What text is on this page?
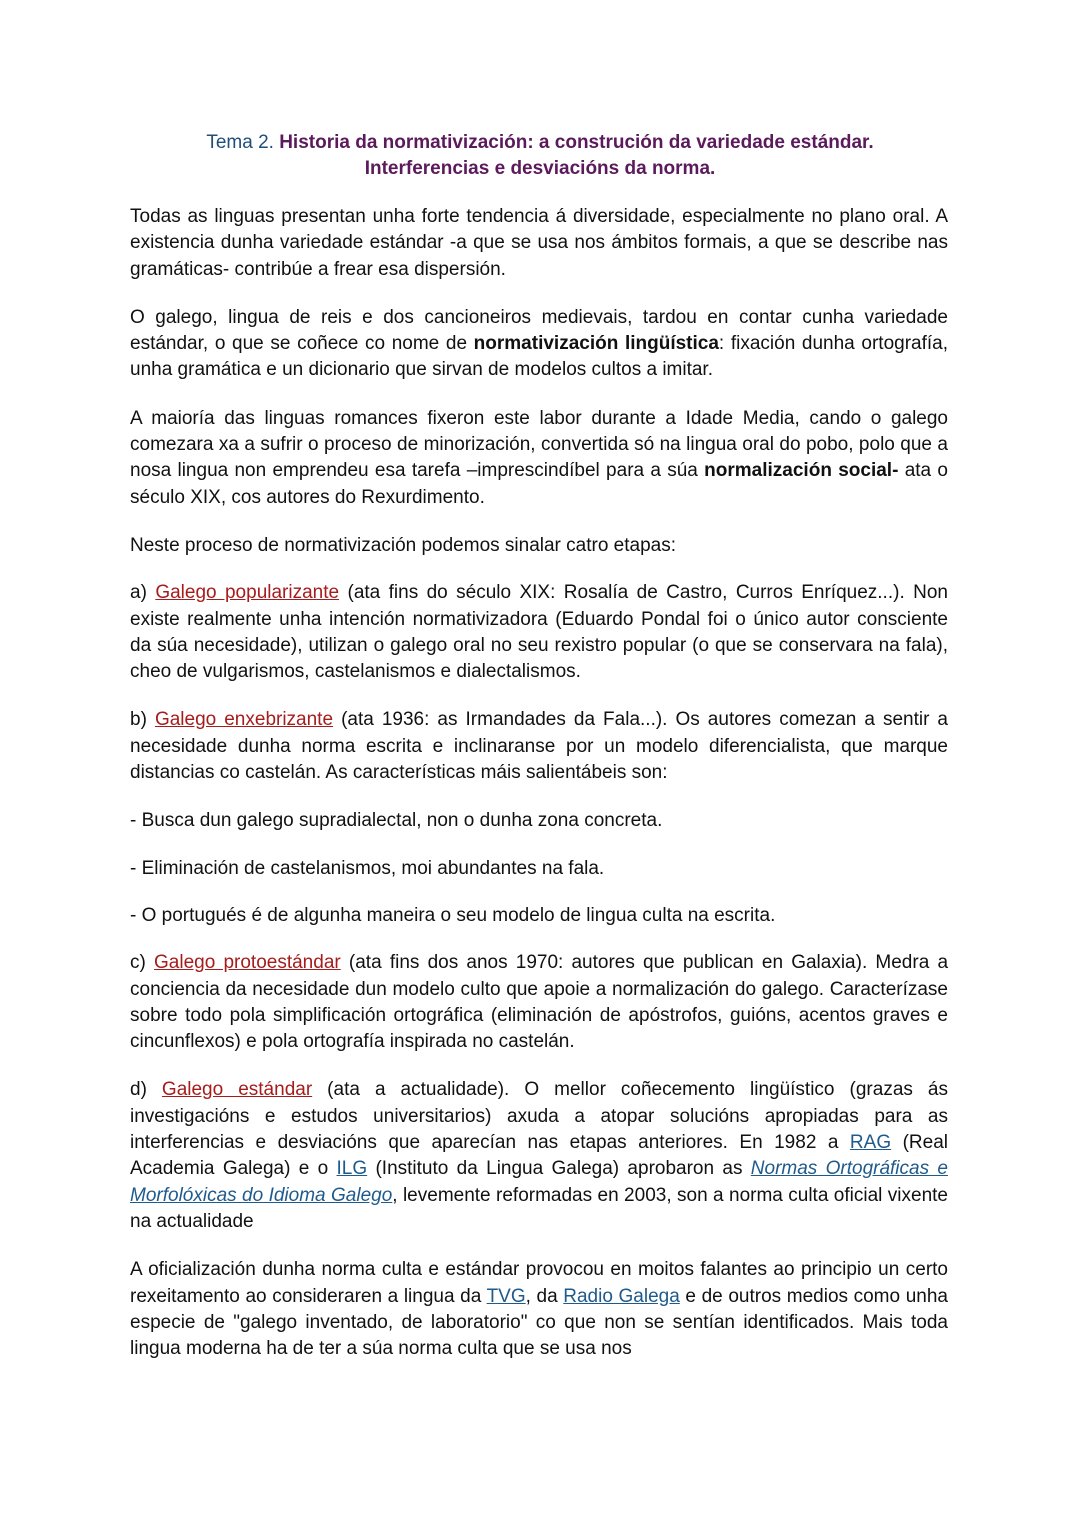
Tema 2. Historia da normativización: a construción da variedade estándar.
Interferencias e desviacións da norma.

Todas as linguas presentan unha forte tendencia á diversidade, especialmente no plano oral. A existencia dunha variedade estándar -a que se usa nos ámbitos formais, a que se describe nas gramáticas- contribúe a frear esa dispersión.

O galego, lingua de reis e dos cancioneiros medievais, tardou en contar cunha variedade estándar, o que se coñece co nome de normativización lingüística: fixación dunha ortografía, unha gramática e un dicionario que sirvan de modelos cultos a imitar.

A maioría das linguas romances fixeron este labor durante a Idade Media, cando o galego comezara xa a sufrir o proceso de minorización, convertida só na lingua oral do pobo, polo que a nosa lingua non emprendeu esa tarefa –imprescindíbel para a súa normalización social- ata o século XIX, cos autores do Rexurdimento.

Neste proceso de normativización podemos sinalar catro etapas:

a) Galego popularizante (ata fins do século XIX: Rosalía de Castro, Curros Enríquez...). Non existe realmente unha intención normativizadora (Eduardo Pondal foi o único autor consciente da súa necesidade), utilizan o galego oral no seu rexistro popular (o que se conservara na fala), cheo de vulgarismos, castelanismos e dialectalismos.

b) Galego enxebrizante (ata 1936: as Irmandades da Fala...). Os autores comezan a sentir a necesidade dunha norma escrita e inclinaranse por un modelo diferencialista, que marque distancias co castelán. As características máis salientábeis son:

- Busca dun galego supradialectal, non o dunha zona concreta.

- Eliminación de castelanismos, moi abundantes na fala.

- O portugués é de algunha maneira o seu modelo de lingua culta na escrita.

c) Galego protoestándar (ata fins dos anos 1970: autores que publican en Galaxia). Medra a conciencia da necesidade dun modelo culto que apoie a normalización do galego. Caracterízase sobre todo pola simplificación ortográfica (eliminación de apóstrofos, guións, acentos graves e cincunflexos) e pola ortografía inspirada no castelán.

d) Galego estándar (ata a actualidade). O mellor coñecemento lingüístico (grazas ás investigacións e estudos universitarios) axuda a atopar solucións apropiadas para as interferencias e desviacións que aparecían nas etapas anteriores. En 1982 a RAG (Real Academia Galega) e o ILG (Instituto da Lingua Galega) aprobaron as Normas Ortográficas e Morfolóxicas do Idioma Galego, levemente reformadas en 2003, son a norma culta oficial vixente na actualidade

A oficialización dunha norma culta e estándar provocou en moitos falantes ao principio un certo rexeitamento ao consideraren a lingua da TVG, da Radio Galega e de outros medios como unha especie de "galego inventado, de laboratorio" co que non se sentían identificados. Mais toda lingua moderna ha de ter a súa norma culta que se usa nos
